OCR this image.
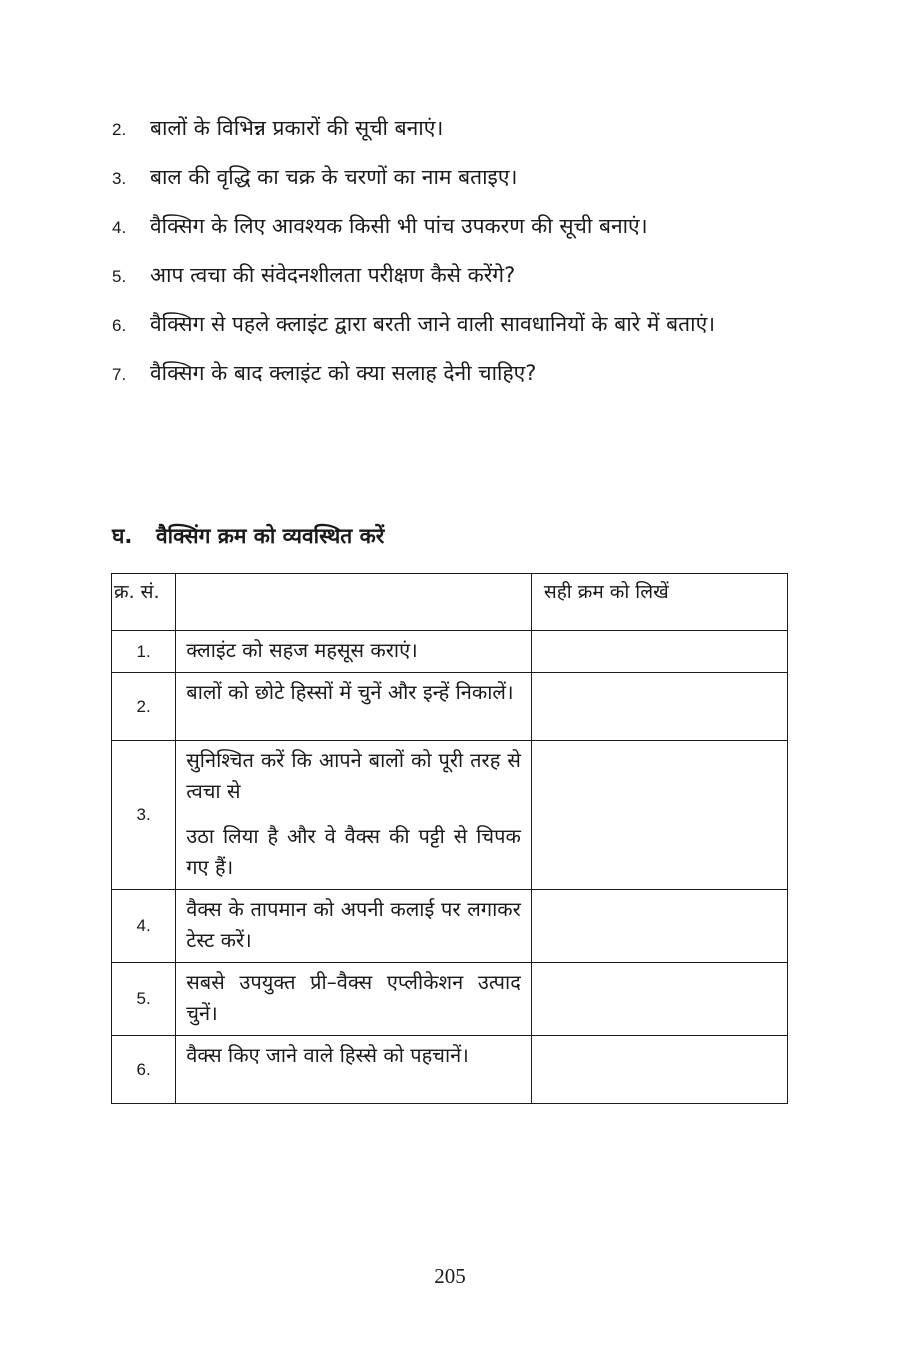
2.	बालों के विभिन्न प्रकारों की सूची बनाएं।
3.	बाल की वृद्धि का चक्र के चरणों का नाम बताइए।
4.	वैक्सिग के लिए आवश्यक किसी भी पांच उपकरण की सूची बनाएं।
5.	आप त्वचा की संवेदनशीलता परीक्षण कैसे करेंगे?
6.	वैक्सिग से पहले क्लाइंट द्वारा बरती जाने वाली सावधानियों के बारे में बताएं।
7.	वैक्सिग के बाद क्लाइंट को क्या सलाह देनी चाहिए?
घ. वैक्सिंग क्रम को व्यवस्थित करें
क्र. सं.		सही क्रम को लिखें
1.	क्लाइंट को सहज महसूस कराएं।	

2.	बालों को छोटे हिस्सों में चुनें और इन्हें निकालें।	

3.	सुनिश्चित करें कि आपने बालों को पूरी तरह से त्वचा से

उठा लिया है और वे वैक्स की पट्टी से चिपक गए हैं।	

4.	वैक्स के तापमान को अपनी कलाई पर लगाकर टेस्ट करें।	

5.	सबसे उपयुक्त प्री–वैक्स एप्लीकेशन उत्पाद चुनें।	

6.	वैक्स किए जाने वाले हिस्से को पहचानें।	

205
